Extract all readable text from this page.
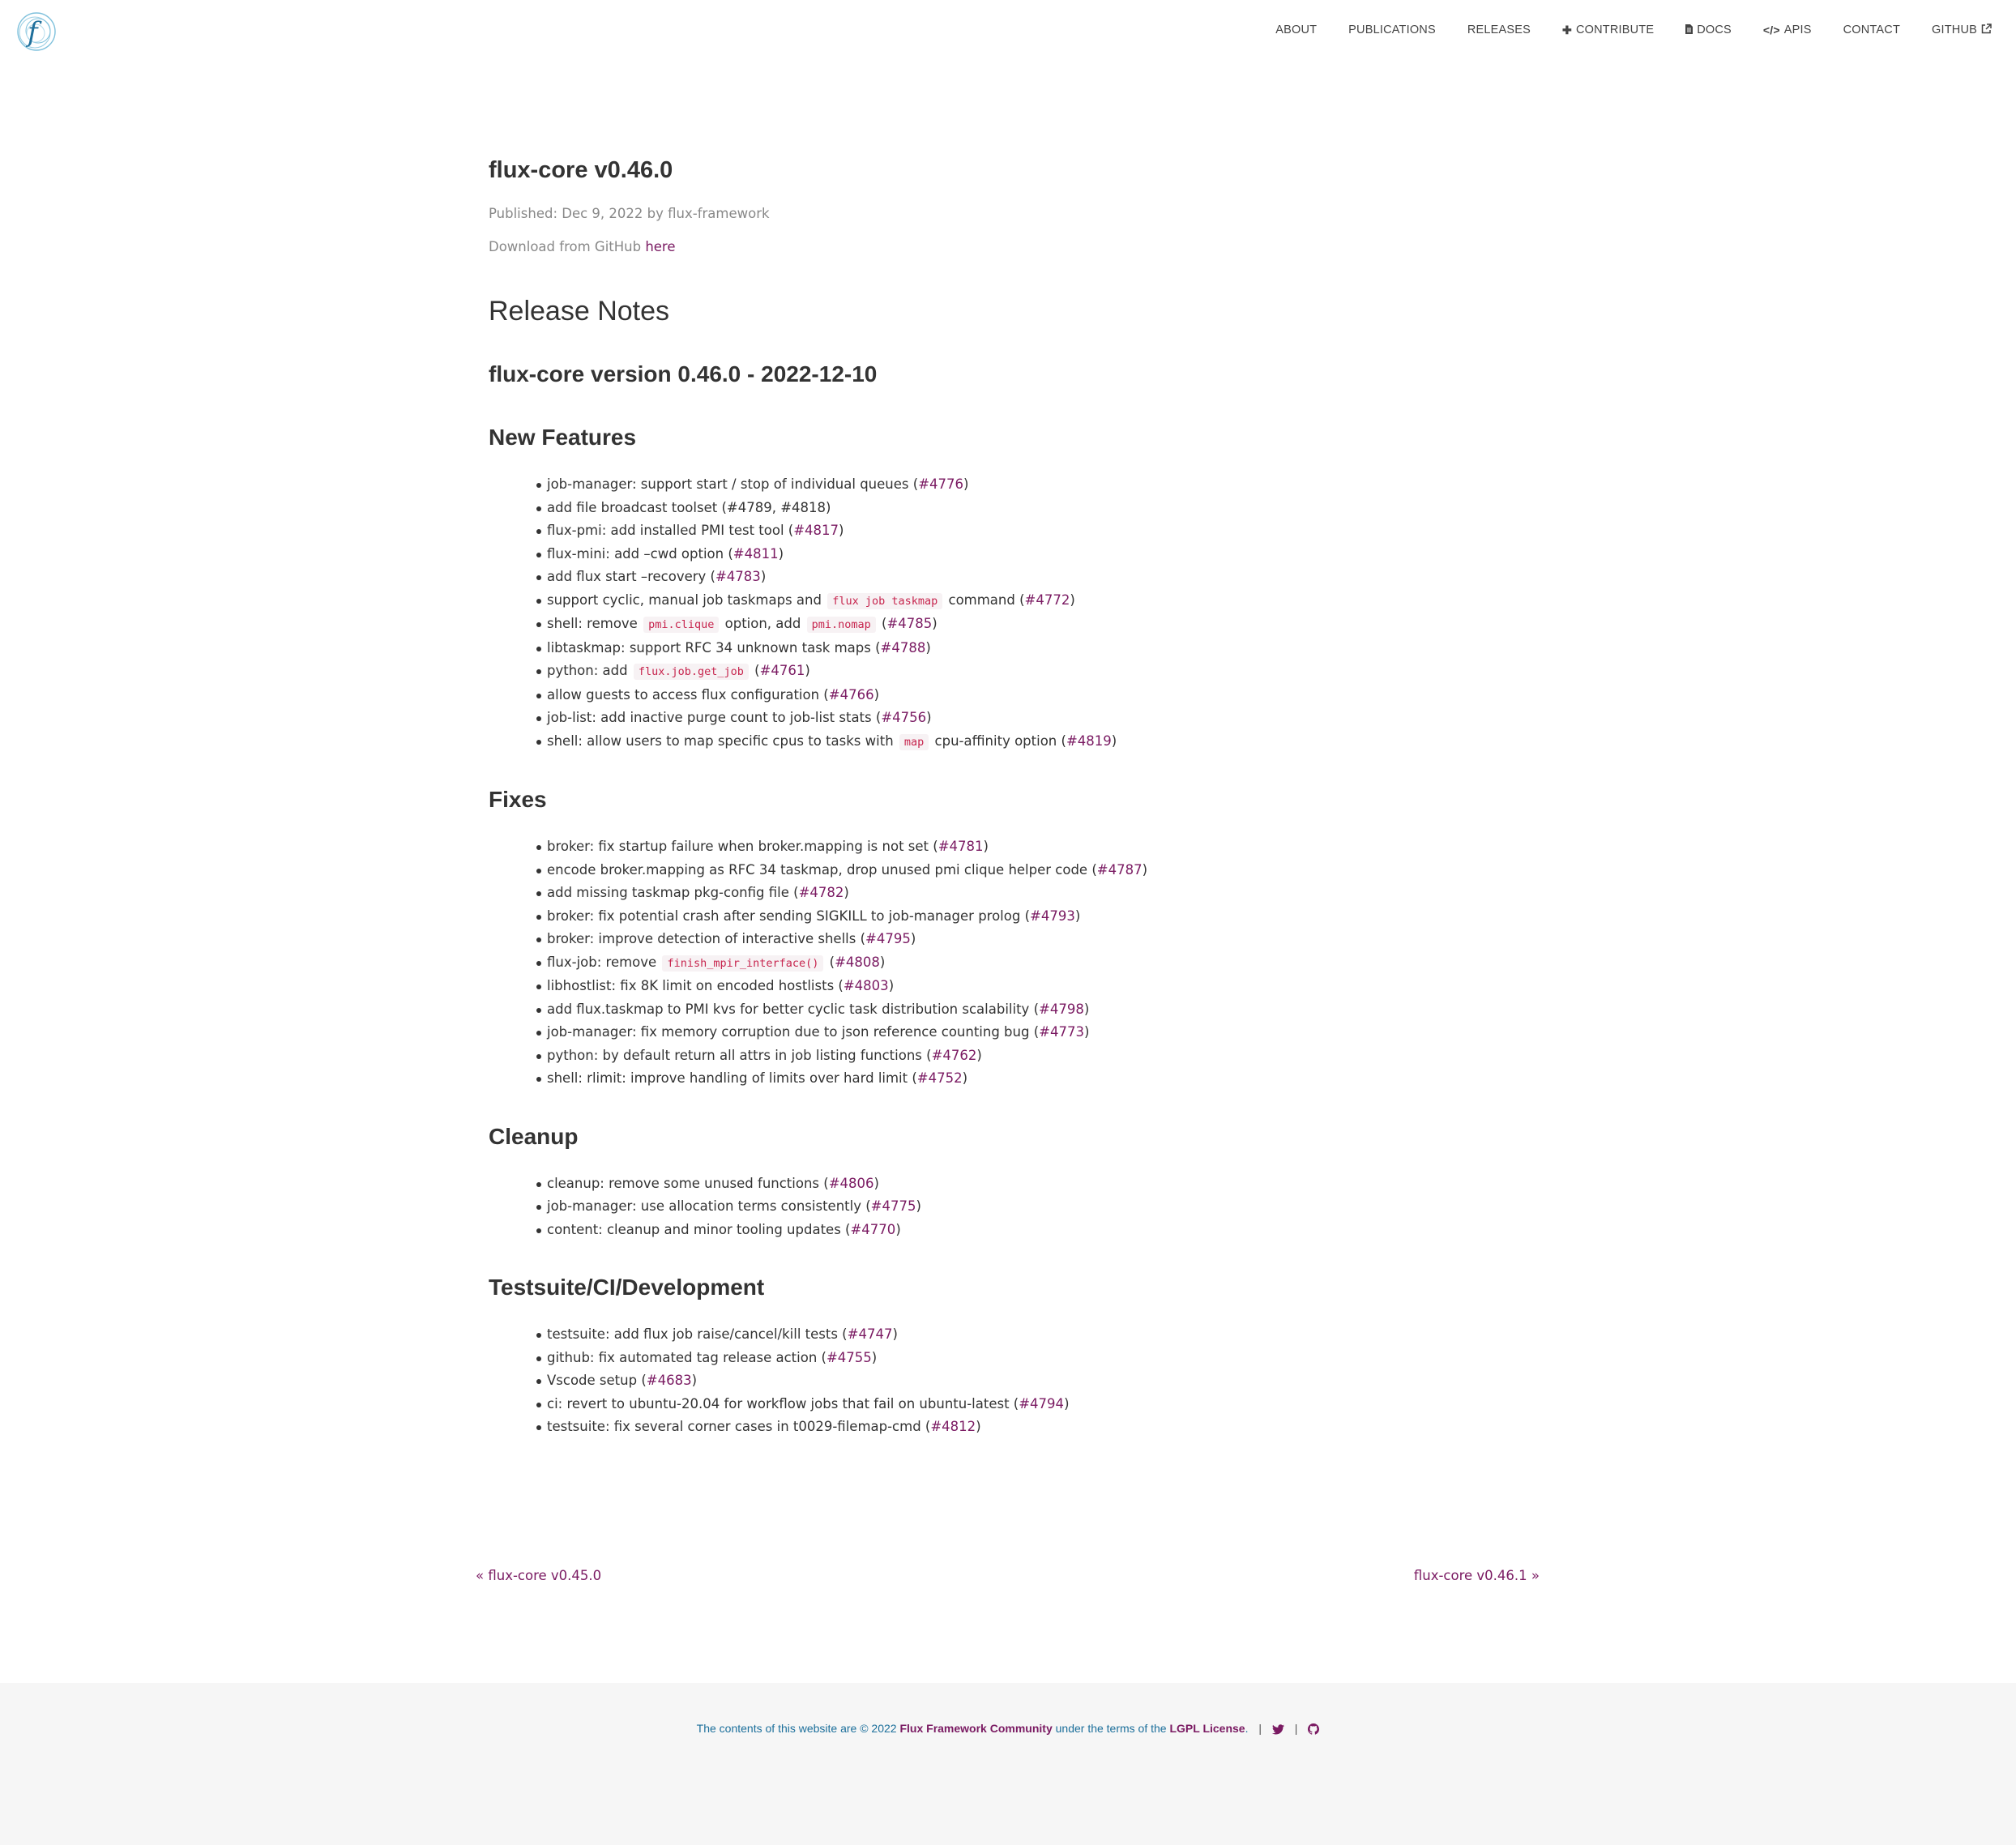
f	ABOUT	PUBLICATIONS	RELEASES	✚ CONTRIBUTE	DOCS	</> APIS	CONTACT	GITHUB
flux-core v0.46.0

Published: Dec 9, 2022 by flux-framework

Download from GitHub here

Release Notes
flux-core version 0.46.0 - 2022-12-10
New Features
job-manager: support start / stop of individual queues (#4776)
add file broadcast toolset (#4789, #4818)
flux-pmi: add installed PMI test tool (#4817)
flux-mini: add –cwd option (#4811)
add flux start –recovery (#4783)
support cyclic, manual job taskmaps and flux job taskmap command (#4772)
shell: remove pmi.clique option, add pmi.nomap (#4785)
libtaskmap: support RFC 34 unknown task maps (#4788)
python: add flux.job.get_job (#4761)
allow guests to access flux configuration (#4766)
job-list: add inactive purge count to job-list stats (#4756)
shell: allow users to map specific cpus to tasks with map cpu-affinity option (#4819)
Fixes
broker: fix startup failure when broker.mapping is not set (#4781)
encode broker.mapping as RFC 34 taskmap, drop unused pmi clique helper code (#4787)
add missing taskmap pkg-config file (#4782)
broker: fix potential crash after sending SIGKILL to job-manager prolog (#4793)
broker: improve detection of interactive shells (#4795)
flux-job: remove finish_mpir_interface() (#4808)
libhostlist: fix 8K limit on encoded hostlists (#4803)
add flux.taskmap to PMI kvs for better cyclic task distribution scalability (#4798)
job-manager: fix memory corruption due to json reference counting bug (#4773)
python: by default return all attrs in job listing functions (#4762)
shell: rlimit: improve handling of limits over hard limit (#4752)
Cleanup
cleanup: remove some unused functions (#4806)
job-manager: use allocation terms consistently (#4775)
content: cleanup and minor tooling updates (#4770)
Testsuite/CI/Development
testsuite: add flux job raise/cancel/kill tests (#4747)
github: fix automated tag release action (#4755)
Vscode setup (#4683)
ci: revert to ubuntu-20.04 for workflow jobs that fail on ubuntu-latest (#4794)
testsuite: fix several corner cases in t0029-filemap-cmd (#4812)
« flux-core v0.45.0	flux-core v0.46.1 »
The contents of this website are © 2022 Flux Framework Community under the terms of the LGPL License. |	|
